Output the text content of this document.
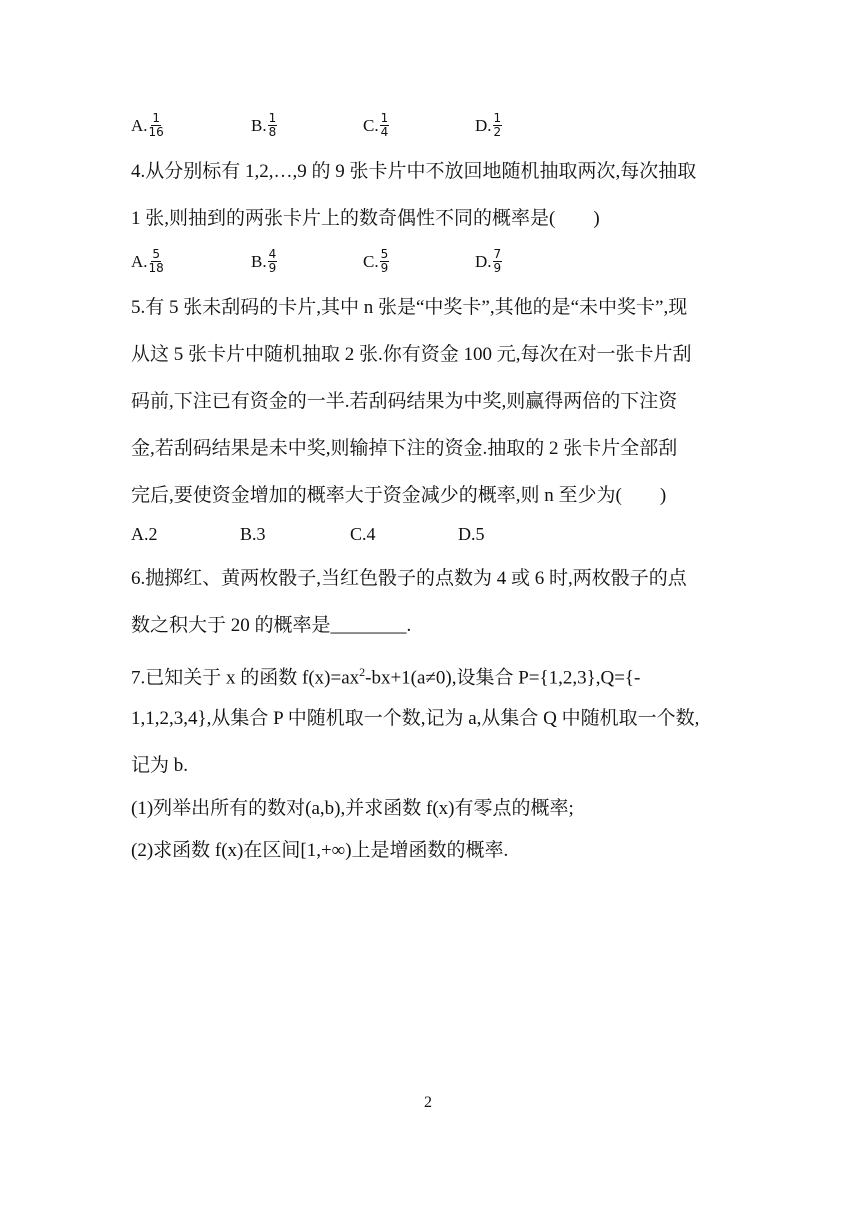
A. $\frac{1}{16}$	B. $\frac{1}{8}$	C. $\frac{1}{4}$	D. $\frac{1}{2}$
4.从分别标有 1,2,…,9 的 9 张卡片中不放回地随机抽取两次,每次抽取
1 张,则抽到的两张卡片上的数奇偶性不同的概率是(　　)
A. $\frac{5}{18}$	B. $\frac{4}{9}$	C. $\frac{5}{9}$	D. $\frac{7}{9}$
5.有 5 张未刮码的卡片,其中 n 张是“中奖卡”,其他的是“未中奖卡”,现
从这 5 张卡片中随机抽取 2 张.你有资金 100 元,每次在对一张卡片刮
码前,下注已有资金的一半.若刮码结果为中奖,则赢得两倍的下注资
金,若刮码结果是未中奖,则输掉下注的资金.抽取的 2 张卡片全部刮
完后,要使资金增加的概率大于资金减少的概率,则 n 至少为(　　)
A.2	B.3	C.4	D.5
6.抛掷红、黄两枚骰子,当红色骰子的点数为 4 或 6 时,两枚骰子的点
数之积大于 20 的概率是________.
7.已知关于 x 的函数 $f(x)=ax^2-bx+1(a\ne 0)$,设集合 P={1,2,3},Q={-
1,1,2,3,4},从集合 P 中随机取一个数,记为 a,从集合 Q 中随机取一个数,
记为 b.
(1)列举出所有的数对(a,b),并求函数 f(x)有零点的概率;
(2)求函数 f(x)在区间[1,+∞)上是增函数的概率.
2
